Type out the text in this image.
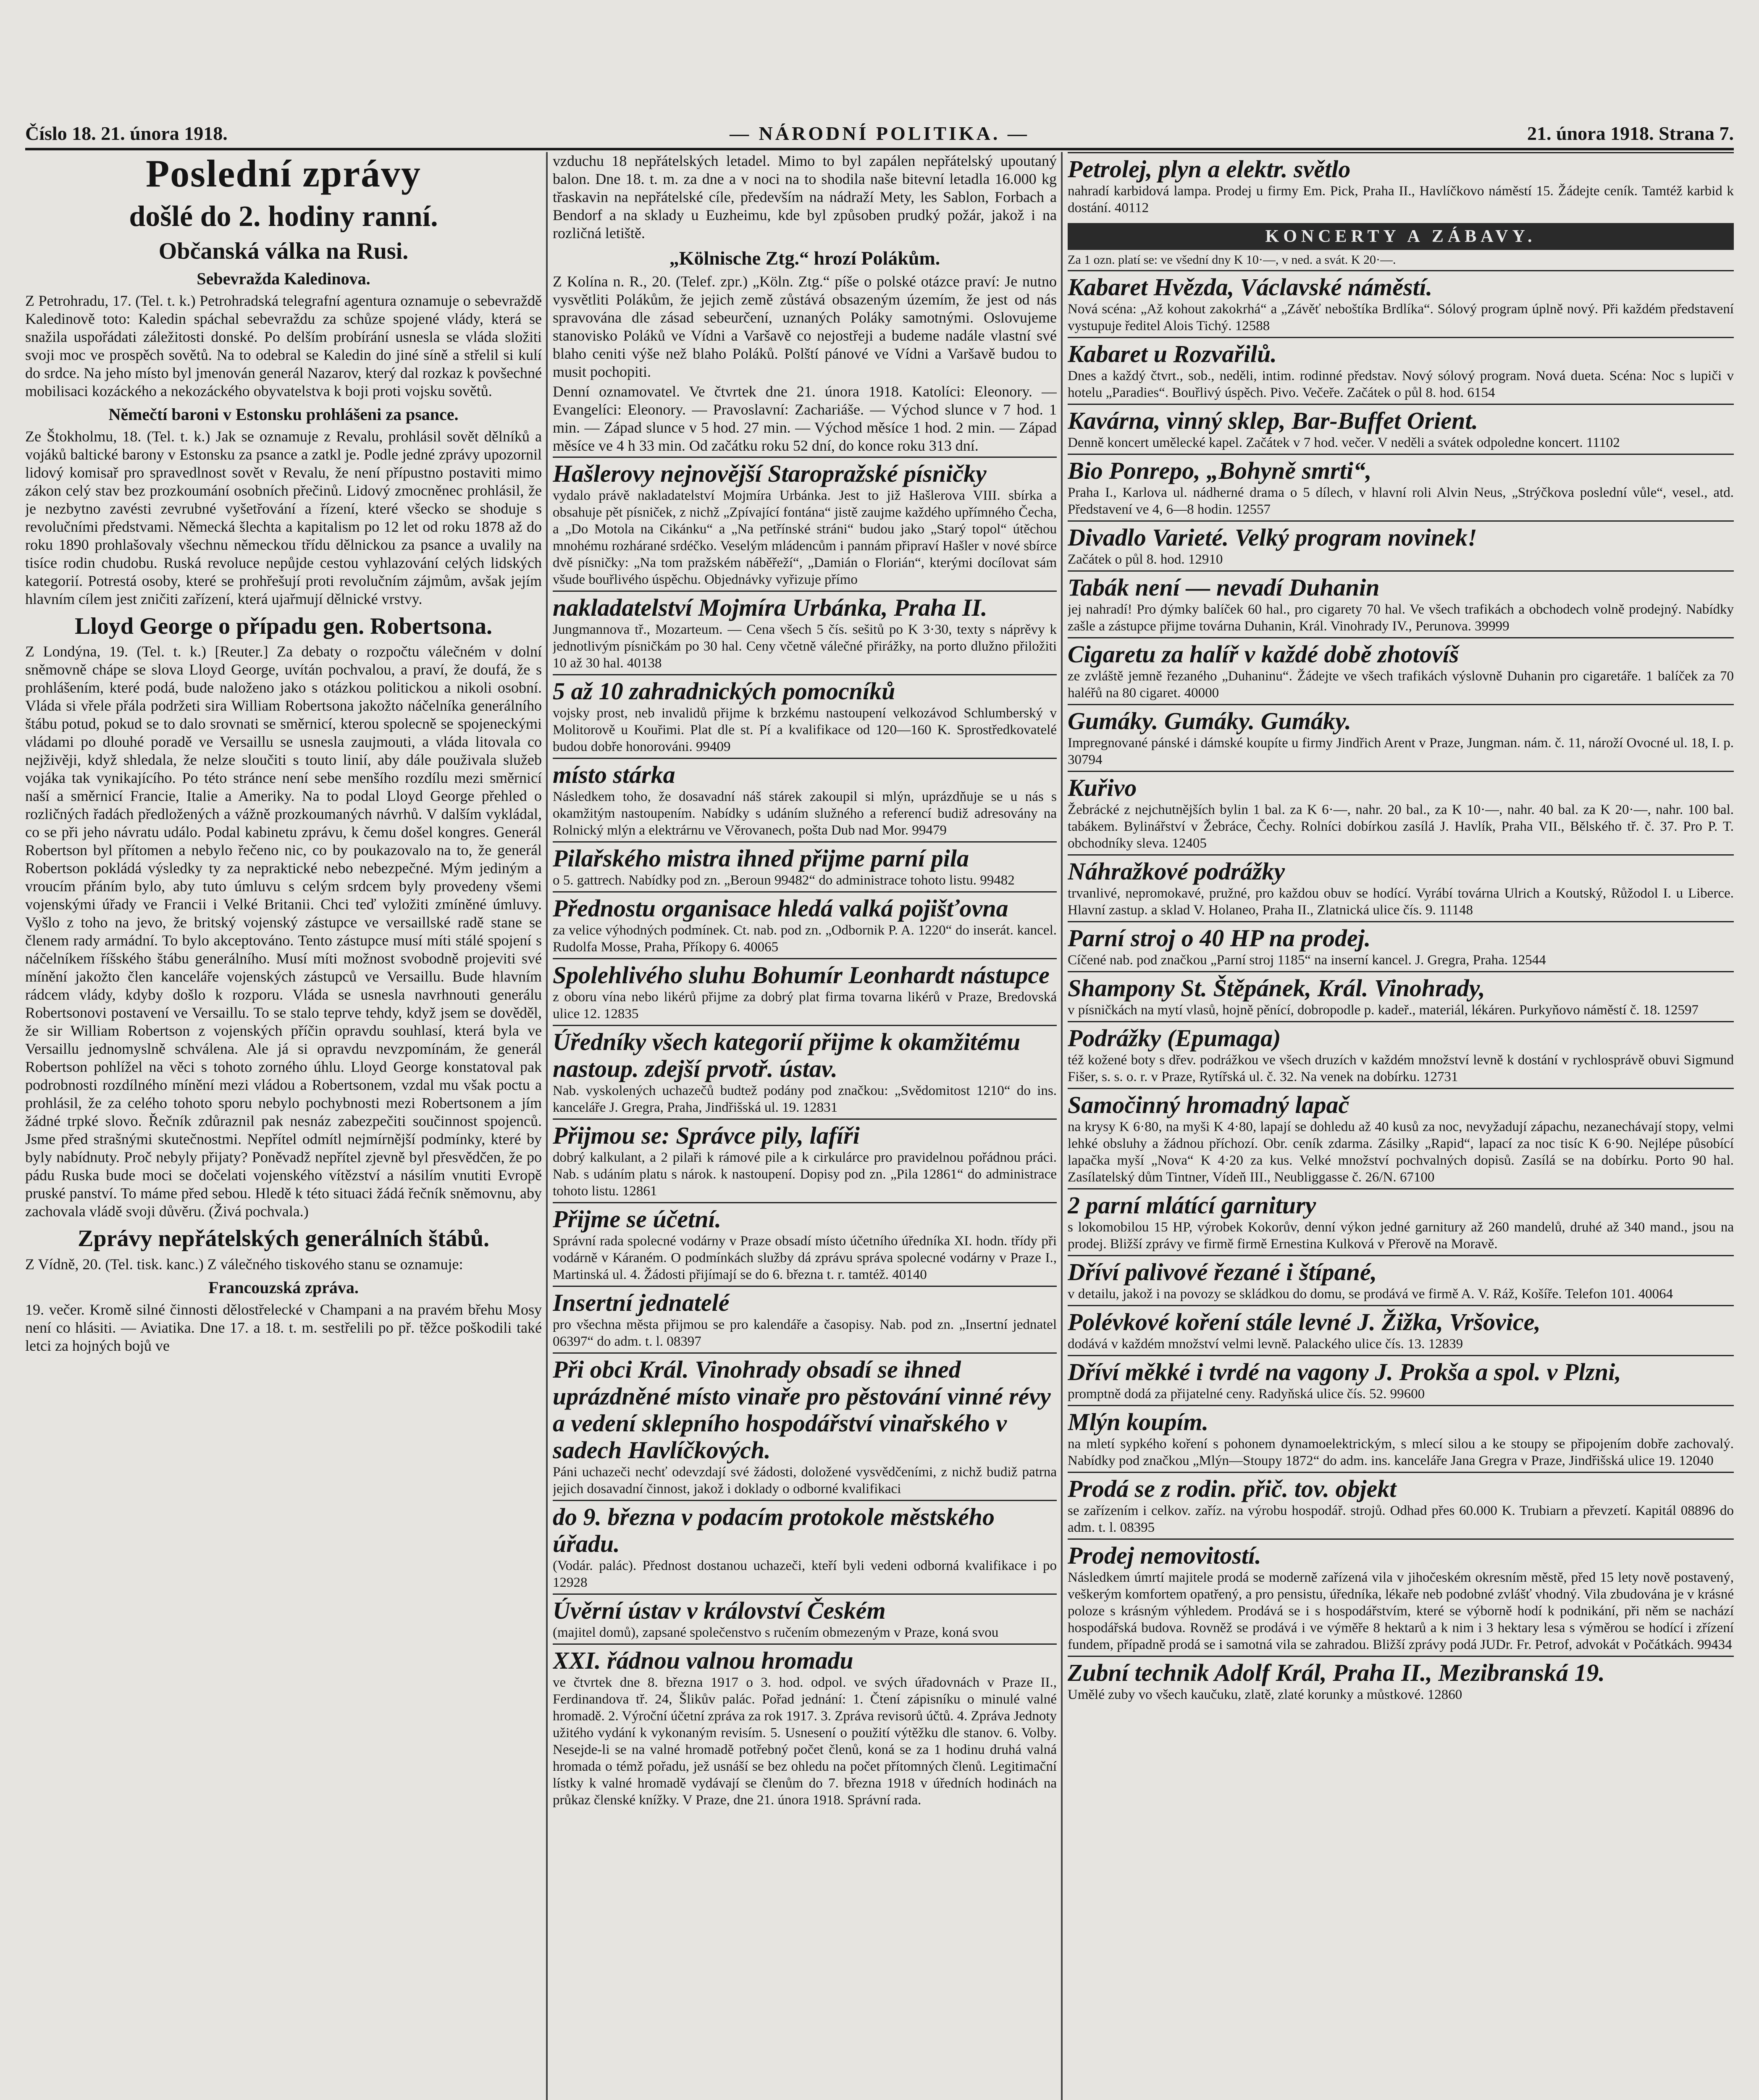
Číslo 18. 21. února 1918.	— NÁRODNÍ POLITIKA. —	21. února 1918. Strana 7.
Poslední zprávy
došlé do 2. hodiny ranní.
Občanská válka na Rusi.
Sebevražda Kaledinova.

Z Petrohradu, 17. (Tel. t. k.) Petrohradská telegrafní agentura oznamuje o sebevraždě Kaledinově toto: Kaledin spáchal sebevraždu za schůze spojené vlády, která se snažila uspořádati záležitosti donské. Po delším probírání usnesla se vláda složiti svoji moc ve prospěch sovětů. Na to odebral se Kaledin do jiné síně a střelil si kulí do srdce. Na jeho místo byl jmenován generál Nazarov, který dal rozkaz k povšechné mobilisaci kozáckého a nekozáckého obyvatelstva k boji proti vojsku sovětů.

Němečtí baroni v Estonsku prohlášeni za psance.

Ze Štokholmu, 18. (Tel. t. k.) Jak se oznamuje z Revalu, prohlásil sovět dělníků a vojáků baltické barony v Estonsku za psance a zatkl je. Podle jedné zprávy upozornil lidový komisař pro spravedlnost sovět v Revalu, že není přípustno postaviti mimo zákon celý stav bez prozkoumání osobních přečinů. Lidový zmocněnec prohlásil, že je nezbytno zavésti zevrubné vyšetřování a řízení, které všecko se shoduje s revolučními předstvami. Německá šlechta a kapitalism po 12 let od roku 1878 až do roku 1890 prohlašovaly všechnu německou třídu dělnickou za psance a uvalily na tisíce rodin chudobu. Ruská revoluce nepůjde cestou vyhlazování celých lidských kategorií. Potrestá osoby, které se prohřešují proti revolučním zájmům, avšak jejím hlavním cílem jest zničiti zařízení, která ujařmují dělnické vrstvy.

Lloyd George o případu gen. Robertsona.

Z Londýna, 19. (Tel. t. k.) [Reuter.] Za debaty o rozpočtu válečném v dolní sněmovně chápe se slova Lloyd George, uvítán pochvalou, a praví, že doufá, že s prohlášením, které podá, bude naloženo jako s otázkou politickou a nikoli osobní. Vláda si vřele přála podržeti sira William Robertsona jakožto náčelníka generálního štábu potud, pokud se to dalo srovnati se směrnicí, kterou spolecně se spojeneckými vládami po dlouhé poradě ve Versaillu se usnesla zaujmouti, a vláda litovala co nejživěji, když shledala, že nelze sloučiti s touto linií, aby dále použivala služeb vojáka tak vynikajícího. Po této stránce není sebe menšího rozdílu mezi směrnicí naší a směrnicí Francie, Italie a Ameriky. Na to podal Lloyd George přehled o rozličných řadách předložených a vážně prozkoumaných návrhů. V dalším vykládal, co se při jeho návratu událo. Podal kabinetu zprávu, k čemu došel kongres. Generál Robertson byl přítomen a nebylo řečeno nic, co by poukazovalo na to, že generál Robertson pokládá výsledky ty za nepraktické nebo nebezpečné. Mým jediným a vroucím přáním bylo, aby tuto úmluvu s celým srdcem byly provedeny všemi vojenskými úřady ve Francii i Velké Britanii. Chci teď vyložiti zmíněné úmluvy. Vyšlo z toho na jevo, že britský vojenský zástupce ve versaillské radě stane se členem rady armádní. To bylo akceptováno. Tento zástupce musí míti stálé spojení s náčelníkem říšského štábu generálního. Musí míti možnost svobodně projeviti své mínění jakožto člen kanceláře vojenských zástupců ve Versaillu. Bude hlavním rádcem vlády, kdyby došlo k rozporu. Vláda se usnesla navrhnouti generálu Robertsonovi postavení ve Versaillu. To se stalo teprve tehdy, když jsem se dověděl, že sir William Robertson z vojenských příčin opravdu souhlasí, která byla ve Versaillu jednomyslně schválena. Ale já si opravdu nevzpomínám, že generál Robertson pohlížel na věci s tohoto zorného úhlu. Lloyd George konstatoval pak podrobnosti rozdílného mínění mezi vládou a Robertsonem, vzdal mu však poctu a prohlásil, že za celého tohoto sporu nebylo pochybnosti mezi Robertsonem a jím žádné trpké slovo. Řečník zdůraznil pak nesnáz zabezpečiti součinnost spojenců. Jsme před strašnými skutečnostmi. Nepřítel odmítl nejmírnější podmínky, které by byly nabídnuty. Proč nebyly přijaty? Poněvadž nepřítel zjevně byl přesvědčen, že po pádu Ruska bude moci se dočelati vojenského vítězství a násilím vnutiti Evropě pruské panství. To máme před sebou. Hledě k této situaci žádá řečník sněmovnu, aby zachovala vládě svoji důvěru. (Živá pochvala.)

Zprávy nepřátelských generálních štábů.

Z Vídně, 20. (Tel. tisk. kanc.) Z válečného tiskového stanu se oznamuje:

Francouzská zpráva.

19. večer. Kromě silné činnosti dělostřelecké v Champani a na pravém břehu Mosy není co hlásiti. — Aviatika. Dne 17. a 18. t. m. sestřelili po př. těžce poškodili také letci za hojných bojů ve

vzduchu 18 nepřátelských letadel. Mimo to byl zapálen nepřátelský upoutaný balon. Dne 18. t. m. za dne a v noci na to shodila naše bitevní letadla 16.000 kg třaskavin na nepřátelské cíle, především na nádraží Mety, les Sablon, Forbach a Bendorf a na sklady u Euzheimu, kde byl způsoben prudký požár, jakož i na rozličná letiště.

„Kölnische Ztg.“ hrozí Polákům.

Z Kolína n. R., 20. (Telef. zpr.) „Köln. Ztg.“ píše o polské otázce praví: Je nutno vysvětliti Polákům, že jejich země zůstává obsazeným územím, že jest od nás spravována dle zásad sebeurčení, uznaných Poláky samotnými. Oslovujeme stanovisko Poláků ve Vídni a Varšavě co nejostřeji a budeme nadále vlastní své blaho ceniti výše než blaho Poláků. Polští pánové ve Vídni a Varšavě budou to musit pochopiti.

Denní oznamovatel. Ve čtvrtek dne 21. února 1918. Katolíci: Eleonory. — Evangelíci: Eleonory. — Pravoslavní: Zachariáše. — Východ slunce v 7 hod. 1 min. — Západ slunce v 5 hod. 27 min. — Východ měsíce 1 hod. 2 min. — Západ měsíce ve 4 h 33 min. Od začátku roku 52 dní, do konce roku 313 dní.

Hašlerovy nejnovější Staropražské písničky
vydalo právě nakladatelství Mojmíra Urbánka. Jest to již Hašlerova VIII. sbírka a obsahuje pět písniček, z nichž „Zpívající fontána“ jistě zaujme každého upřímného Čecha, a „Do Motola na Cikánku“ a „Na petřínské stráni“ budou jako „Starý topol“ útěchou mnohému rozhárané srdéčko. Veselým mládencům i pannám připraví Hašler v nové sbírce dvě písničky: „Na tom pražském náběřeží“, „Damián o Florián“, kterými docílovat sám všude bouřlivého úspěchu. Objednávky vyřizuje přímo
nakladatelství Mojmíra Urbánka, Praha II.
Jungmannova tř., Mozarteum. — Cena všech 5 čís. sešitů po K 3·30, texty s náprěvy k jednotlivým písničkám po 30 hal. Ceny včetně válečné přirážky, na porto dlužno přiložiti 10 až 30 hal. 40138
5 až 10 zahradnických pomocníků
vojsky prost, neb invalidů přijme k brzkému nastoupení velkozávod Schlumberský v Molitorově u Kouřimi. Plat dle st. Pí a kvalifikace od 120—160 K. Sprostředkovatelé budou dobře honorováni. 99409
místo stárka
Následkem toho, že dosavadní náš stárek zakoupil si mlýn, uprázdňuje se u nás s okamžitým nastoupením. Nabídky s udáním služného a referencí budiž adresovány na Rolnický mlýn a elektrárnu ve Věrovanech, pošta Dub nad Mor. 99479
Pilařského mistra ihned přijme parní pila
o 5. gattrech. Nabídky pod zn. „Beroun 99482“ do administrace tohoto listu. 99482
Přednostu organisace hledá valká pojišťovna
za velice výhodných podmínek. Ct. nab. pod zn. „Odbornik P. A. 1220“ do inserát. kancel. Rudolfa Mosse, Praha, Příkopy 6. 40065
Spolehlivého sluhu Bohumír Leonhardt nástupce
z oboru vína nebo likérů přijme za dobrý plat firma tovarna likérů v Praze, Bredovská ulice 12. 12835
Úředníky všech kategorií přijme k okamžitému nastoup. zdejší prvotř. ústav.
Nab. vyskolených uchazečů budtež podány pod značkou: „Svědomitost 1210“ do ins. kanceláře J. Gregra, Praha, Jindřišská ul. 19. 12831
Přijmou se: Správce pily, lafíři
dobrý kalkulant, a 2 pilaři k rámové pile a k cirkulárce pro pravidelnou pořádnou práci. Nab. s udáním platu s nárok. k nastoupení. Dopisy pod zn. „Pila 12861“ do administrace tohoto listu. 12861
Přijme se účetní.
Správní rada spolecné vodárny v Praze obsadí místo účetního úředníka XI. hodn. třídy při vodárně v Káraném. O podmínkách služby dá zprávu správa spolecné vodárny v Praze I., Martinská ul. 4. Žádosti přijímají se do 6. března t. r. tamtéž. 40140
Insertní jednatelé
pro všechna města přijmou se pro kalendáře a časopisy. Nab. pod zn. „Insertní jednatel 06397“ do adm. t. l. 08397
Při obci Král. Vinohrady obsadí se ihned uprázdněné místo vinaře pro pěstování vinné révy a vedení sklepního hospodářství vinařského v sadech Havlíčkových.
Páni uchazeči nechť odevzdají své žádosti, doložené vysvědčeními, z nichž budiž patrna jejich dosavadní činnost, jakož i doklady o odborné kvalifikaci
do 9. března v podacím protokole městského úřadu.
(Vodár. palác). Přednost dostanou uchazeči, kteří byli vedeni odborná kvalifikace i po 12928
Úvěrní ústav v království Českém
(majitel domů), zapsané společenstvo s ručením obmezeným v Praze, koná svou
XXI. řádnou valnou hromadu
ve čtvrtek dne 8. března 1917 o 3. hod. odpol. ve svých úřadovnách v Praze II., Ferdinandova tř. 24, Šlikův palác. Pořad jednání: 1. Čtení zápisníku o minulé valné hromadě. 2. Výroční účetní zpráva za rok 1917. 3. Zpráva revisorů účtů. 4. Zpráva Jednoty užitého vydání k vykonaným revisím. 5. Usnesení o použití výtěžku dle stanov. 6. Volby. Nesejde-li se na valné hromadě potřebný počet členů, koná se za 1 hodinu druhá valná hromada o témž pořadu, jež usnáší se bez ohledu na počet přítomných členů. Legitimační lístky k valné hromadě vydávají se členům do 7. března 1918 v úředních hodinách na průkaz členské knížky. V Praze, dne 21. února 1918. Správní rada.
Petrolej, plyn a elektr. světlo
nahradí karbidová lampa. Prodej u firmy Em. Pick, Praha II., Havlíčkovo náměstí 15. Žádejte ceník. Tamtéž karbid k dostání. 40112
KONCERTY A ZÁBAVY.
Za 1 ozn. platí se: ve všední dny K 10·—, v ned. a svát. K 20·—.
Kabaret Hvězda, Václavské náměstí.
Nová scéna: „Až kohout zakokrhá“ a „Závěť neboštíka Brdlíka“. Sólový program úplně nový. Při každém představení vystupuje ředitel Alois Tichý. 12588
Kabaret u Rozvařilů.
Dnes a každý čtvrt., sob., neděli, intim. rodinné představ. Nový sólový program. Nová dueta. Scéna: Noc s lupiči v hotelu „Paradies“. Bouřlivý úspěch. Pivo. Večeře. Začátek o půl 8. hod. 6154
Kavárna, vinný sklep, Bar-Buffet Orient.
Denně koncert umělecké kapel. Začátek v 7 hod. večer. V neděli a svátek odpoledne koncert. 11102
Bio Ponrepo, „Bohyně smrti“,
Praha I., Karlova ul. nádherné drama o 5 dílech, v hlavní roli Alvin Neus, „Strýčkova poslední vůle“, vesel., atd. Představení ve 4, 6—8 hodin. 12557
Divadlo Varieté. Velký program novinek!
Začátek o půl 8. hod. 12910
Tabák není — nevadí Duhanin
jej nahradí! Pro dýmky balíček 60 hal., pro cigarety 70 hal. Ve všech trafikách a obchodech volně prodejný. Nabídky zašle a zástupce přijme továrna Duhanin, Král. Vinohrady IV., Perunova. 39999
Cigaretu za halíř v každé době zhotovíš
ze zvláště jemně řezaného „Duhaninu“. Žádejte ve všech trafikách výslovně Duhanin pro cigaretáře. 1 balíček za 70 haléřů na 80 cigaret. 40000
Gumáky. Gumáky. Gumáky.
Impregnované pánské i dámské koupíte u firmy Jindřich Arent v Praze, Jungman. nám. č. 11, nároží Ovocné ul. 18, I. p. 30794
Kuřivo
Žebrácké z nejchutnějších bylin 1 bal. za K 6·—, nahr. 20 bal., za K 10·—, nahr. 40 bal. za K 20·—, nahr. 100 bal. tabákem. Bylinářství v Žebráce, Čechy. Rolníci dobírkou zasílá J. Havlík, Praha VII., Bělského tř. č. 37. Pro P. T. obchodníky sleva. 12405
Náhražkové podrážky
trvanlivé, nepromokavé, pružné, pro každou obuv se hodící. Vyrábí továrna Ulrich a Koutský, Růžodol I. u Liberce. Hlavní zastup. a sklad V. Holaneo, Praha II., Zlatnická ulice čís. 9. 11148
Parní stroj o 40 HP na prodej.
Cíčené nab. pod značkou „Parní stroj 1185“ na inserní kancel. J. Gregra, Praha. 12544
Shampony St. Štěpánek, Král. Vinohrady,
v písničkách na mytí vlasů, hojně pěnící, dobropodle p. kadeř., materiál, lékáren. Purkyňovo náměstí č. 18. 12597
Podrážky (Epumaga)
též kožené boty s dřev. podrážkou ve všech druzích v každém množství levně k dostání v rychlosprávě obuvi Sigmund Fišer, s. s. o. r. v Praze, Rytířská ul. č. 32. Na venek na dobírku. 12731
Samočinný hromadný lapač
na krysy K 6·80, na myši K 4·80, lapají se dohledu až 40 kusů za noc, nevyžadují zápachu, nezanechávají stopy, velmi lehké obsluhy a žádnou příchozí. Obr. ceník zdarma. Zásilky „Rapid“, lapací za noc tisíc K 6·90. Nejlépe působící lapačka myší „Nova“ K 4·20 za kus. Velké množství pochvalných dopisů. Zasílá se na dobírku. Porto 90 hal. Zasílatelský dům Tintner, Vídeň III., Neubliggasse č. 26/N. 67100
2 parní mlátící garnitury
s lokomobilou 15 HP, výrobek Kokorův, denní výkon jedné garnitury až 260 mandelů, druhé až 340 mand., jsou na prodej. Bližší zprávy ve firmě firmě Ernestina Kulková v Přerově na Moravě.
Dříví palivové řezané i štípané,
v detailu, jakož i na povozy se skládkou do domu, se prodává ve firmě A. V. Ráž, Košíře. Telefon 101. 40064
Polévkové koření stále levné J. Žižka, Vršovice,
dodává v každém množství velmi levně. Palackého ulice čís. 13. 12839
Dříví měkké i tvrdé na vagony J. Prokša a spol. v Plzni,
promptně dodá za přijatelné ceny. Radyňská ulice čís. 52. 99600
Mlýn koupím.
na mletí sypkého koření s pohonem dynamoelektrickým, s mlecí silou a ke stoupy se připojením dobře zachovalý. Nabídky pod značkou „Mlýn—Stoupy 1872“ do adm. ins. kanceláře Jana Gregra v Praze, Jindřišská ulice 19. 12040
Prodá se z rodin. přič. tov. objekt
se zařízením i celkov. zaříz. na výrobu hospodář. strojů. Odhad přes 60.000 K. Trubiarn a převzetí. Kapitál 08896 do adm. t. l. 08395
Prodej nemovitostí.
Následkem úmrtí majitele prodá se moderně zařízená vila v jihočeském okresním městě, před 15 lety nově postavený, veškerým komfortem opatřený, a pro pensistu, úředníka, lékaře neb podobné zvlášť vhodný. Vila zbudována je v krásné poloze s krásným výhledem. Prodává se i s hospodářstvím, které se výborně hodí k podnikání, při něm se nachází hospodářská budova. Rovněž se prodává i ve výměře 8 hektarů a k nim i 3 hektary lesa s výměrou se hodící i zřízení fundem, případně prodá se i samotná vila se zahradou. Bližší zprávy podá JUDr. Fr. Petrof, advokát v Počátkách. 99434
Zubní technik Adolf Král, Praha II., Mezibranská 19.
Umělé zuby vo všech kaučuku, zlatě, zlaté korunky a můstkové. 12860
